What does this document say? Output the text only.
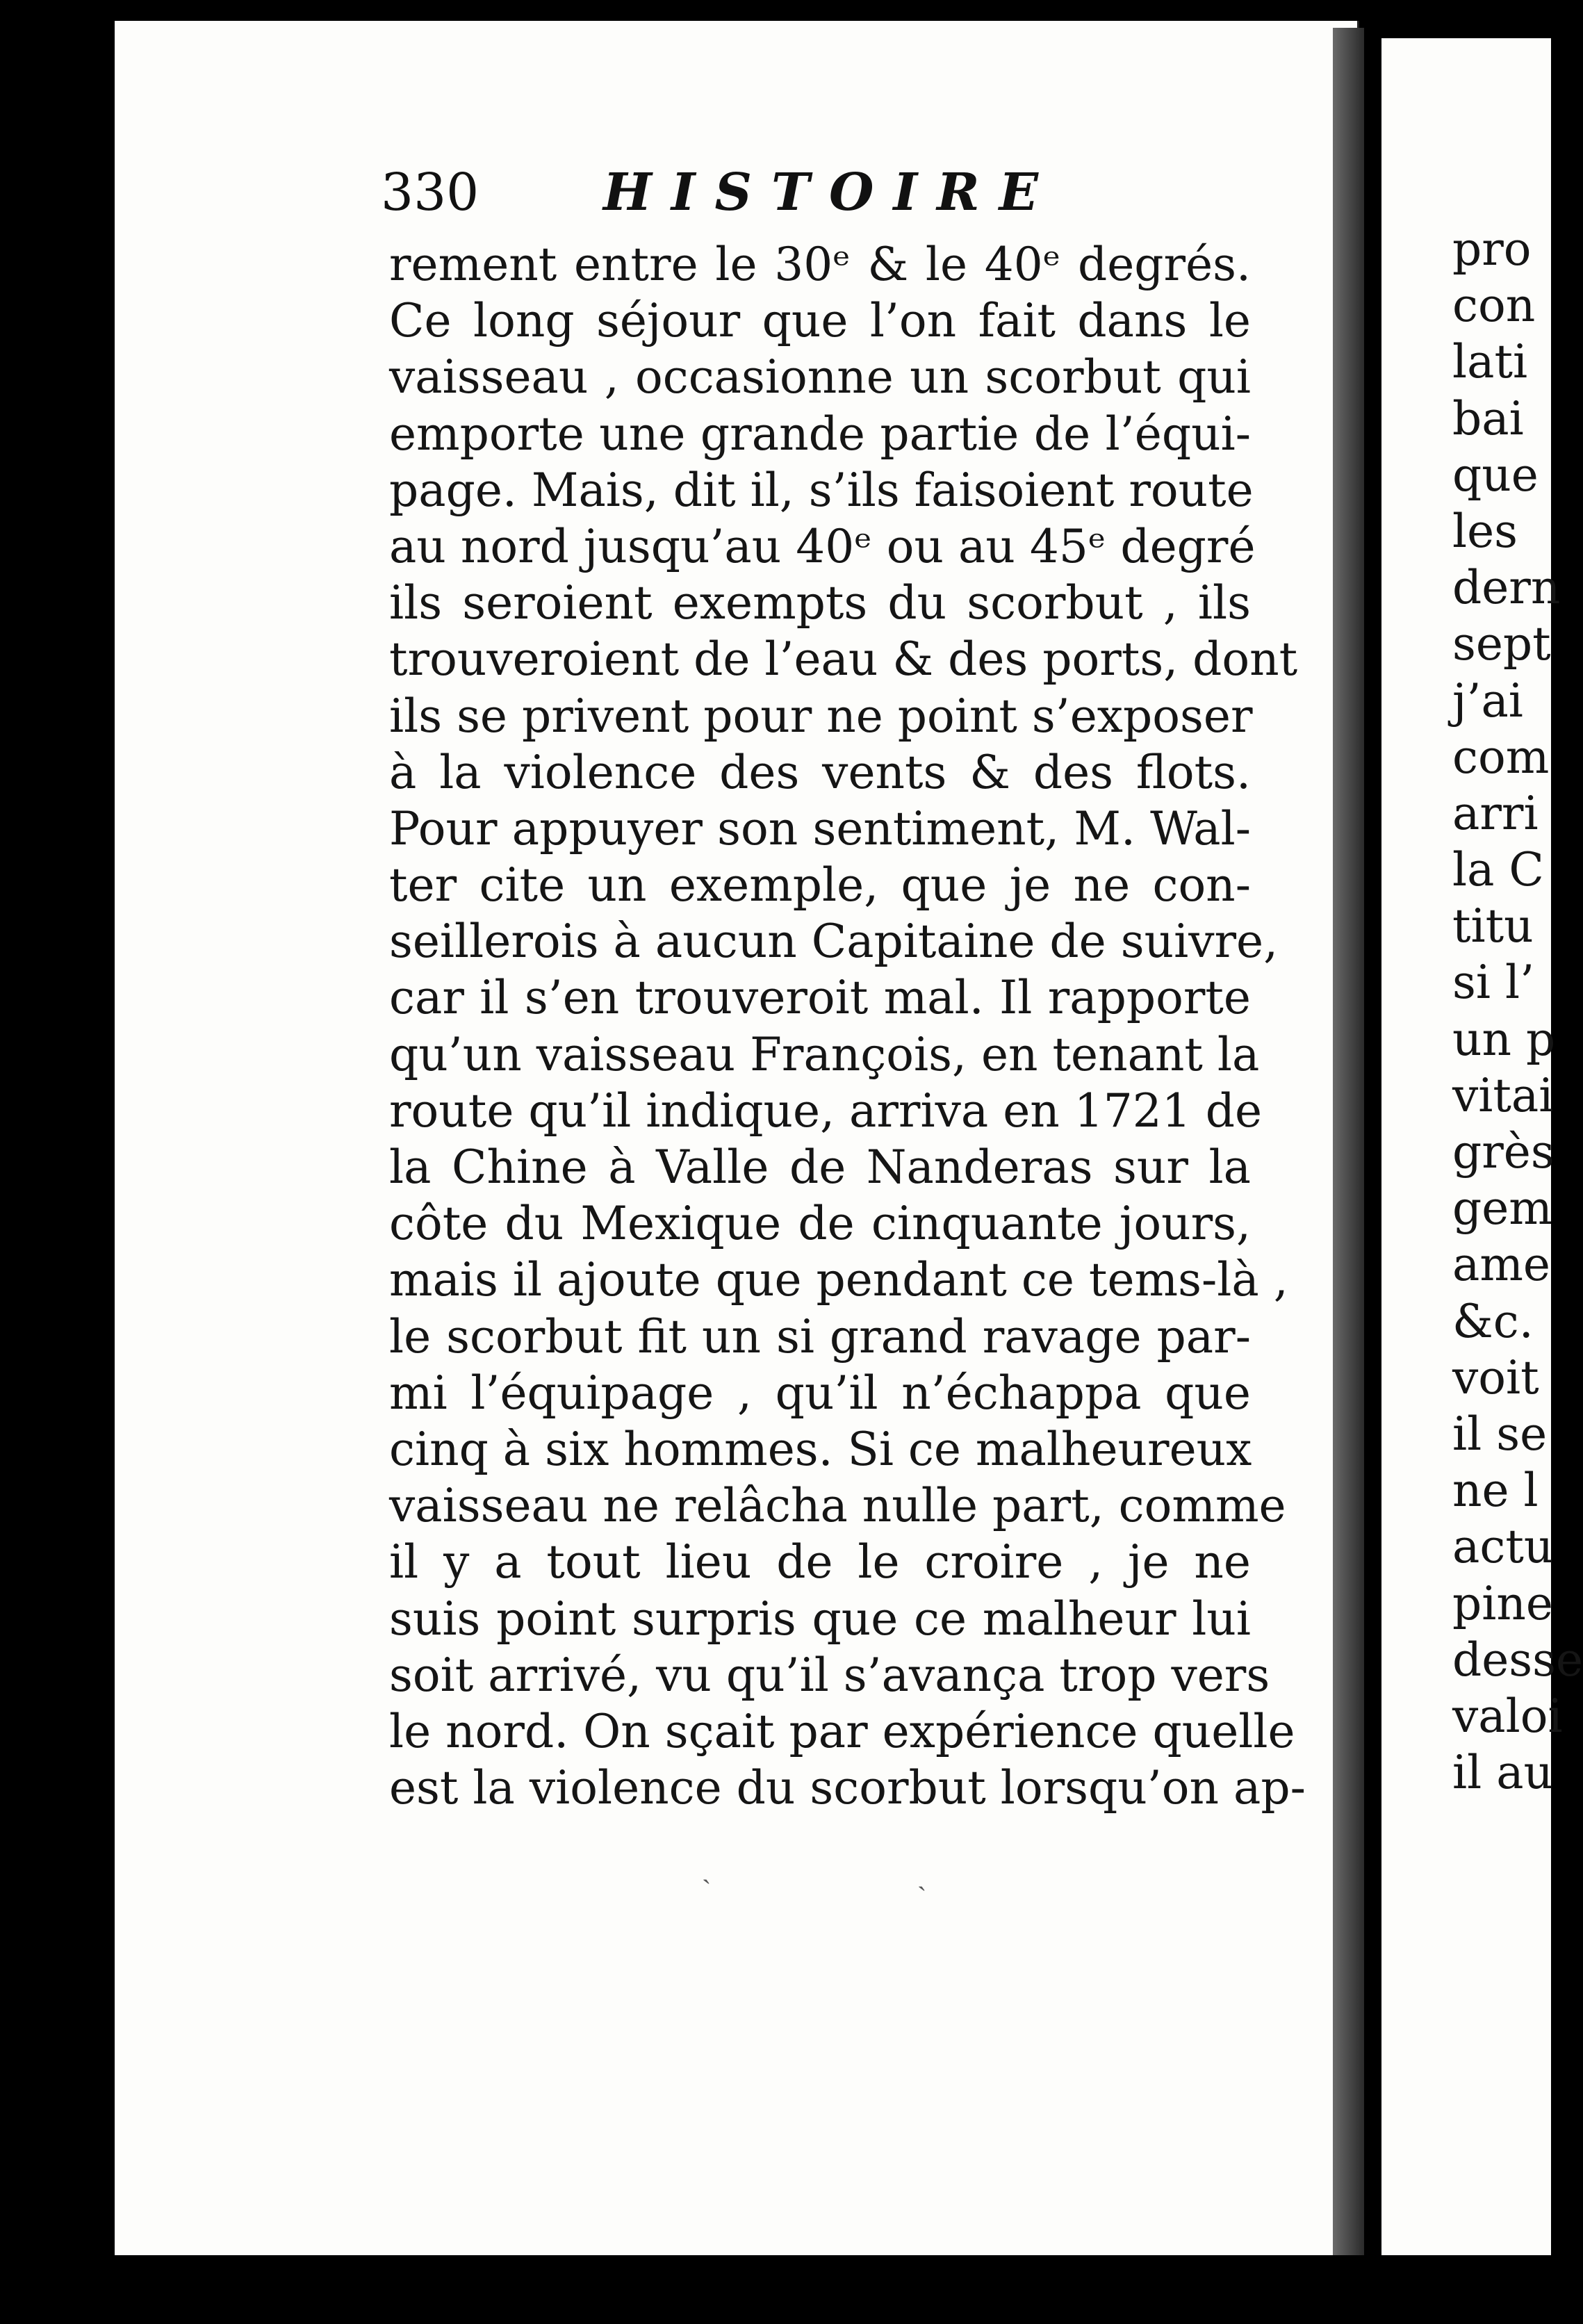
330 HISTOIRE
rement entre le 30ᵉ & le 40ᵉ degrés.
Ce long séjour que l’on fait dans le
vaisseau , occasionne un scorbut qui
emporte une grande partie de l’équi-
page. Mais, dit il, s’ils faisoient route
au nord jusqu’au 40ᵉ ou au 45ᵉ degré
ils seroient exempts du scorbut , ils
trouveroient de l’eau & des ports, dont
ils se privent pour ne point s’exposer
à la violence des vents & des flots.
Pour appuyer son sentiment, M. Wal-
ter cite un exemple, que je ne con-
seillerois à aucun Capitaine de suivre,
car il s’en trouveroit mal. Il rapporte
qu’un vaisseau François, en tenant la
route qu’il indique, arriva en 1721 de
la Chine à Valle de Nanderas sur la
côte du Mexique de cinquante jours,
mais il ajoute que pendant ce tems-là ,
le scorbut fit un si grand ravage par-
mi l’équipage , qu’il n’échappa que
cinq à six hommes. Si ce malheureux
vaisseau ne relâcha nulle part, comme
il y a tout lieu de le croire , je ne
suis point surpris que ce malheur lui
soit arrivé, vu qu’il s’avança trop vers
le nord. On sçait par expérience quelle
est la violence du scorbut lorsqu’on ap-
pro
con
lati
bai
que
les
dern
sept
j’ai
com
arri
la C
titu
si l’
un p
vitai
grès
gem
ame
&c.
voit
il se
ne l
actu
pine
desse
valoi
il au
ˏ	ˏ
